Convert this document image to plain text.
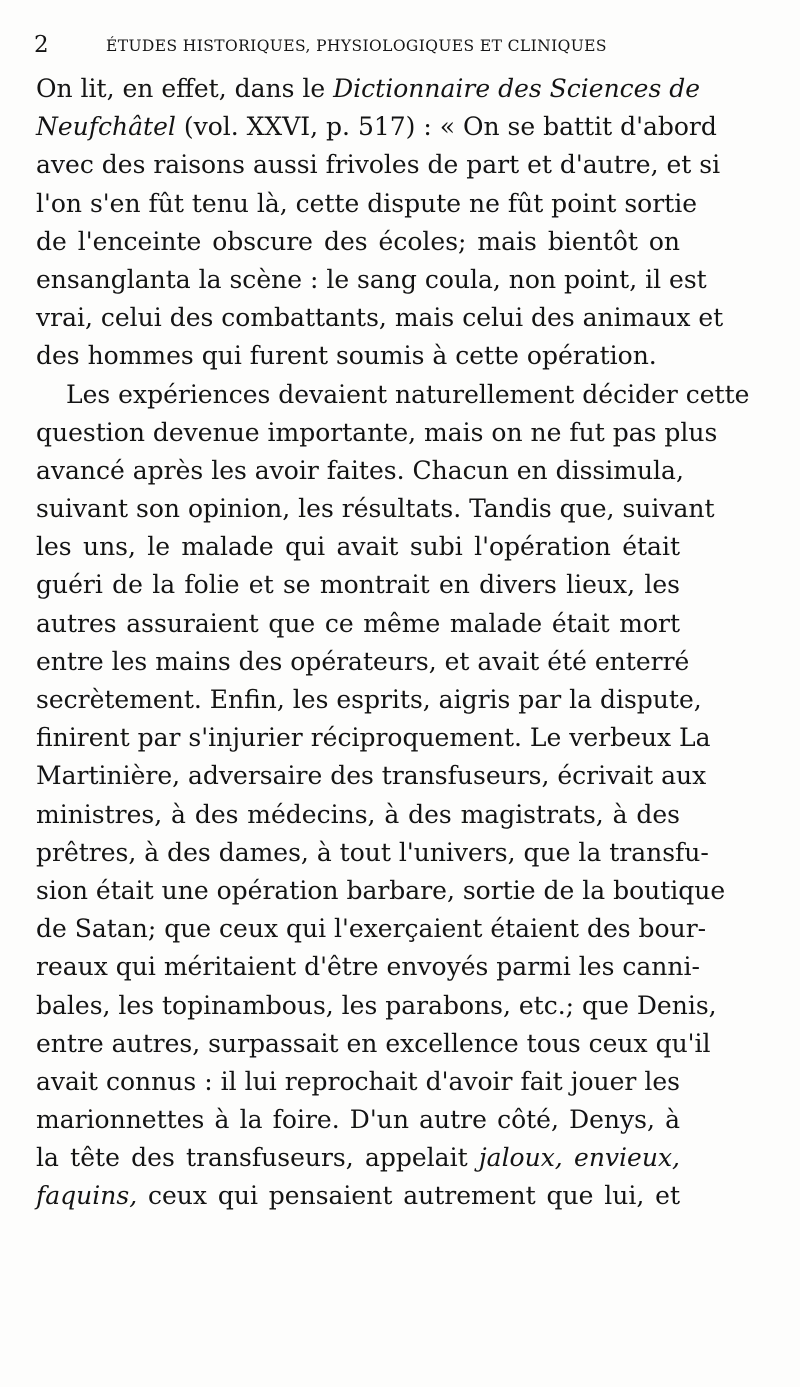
2	ÉTUDES HISTORIQUES, PHYSIOLOGIQUES ET CLINIQUES
On lit, en effet, dans le Dictionnaire des Sciences de
Neufchâtel (vol. XXVI, p. 517) : « On se battit d'abord
avec des raisons aussi frivoles de part et d'autre, et si
l'on s'en fût tenu là, cette dispute ne fût point sortie
de l'enceinte obscure des écoles; mais bientôt on
ensanglanta la scène : le sang coula, non point, il est
vrai, celui des combattants, mais celui des animaux et
des hommes qui furent soumis à cette opération.
Les expériences devaient naturellement décider cette
question devenue importante, mais on ne fut pas plus
avancé après les avoir faites. Chacun en dissimula,
suivant son opinion, les résultats. Tandis que, suivant
les uns, le malade qui avait subi l'opération était
guéri de la folie et se montrait en divers lieux, les
autres assuraient que ce même malade était mort
entre les mains des opérateurs, et avait été enterré
secrètement. Enfin, les esprits, aigris par la dispute,
finirent par s'injurier réciproquement. Le verbeux La
Martinière, adversaire des transfuseurs, écrivait aux
ministres, à des médecins, à des magistrats, à des
prêtres, à des dames, à tout l'univers, que la transfu-
sion était une opération barbare, sortie de la boutique
de Satan; que ceux qui l'exerçaient étaient des bour-
reaux qui méritaient d'être envoyés parmi les canni-
bales, les topinambous, les parabons, etc.; que Denis,
entre autres, surpassait en excellence tous ceux qu'il
avait connus : il lui reprochait d'avoir fait jouer les
marionnettes à la foire. D'un autre côté, Denys, à
la tête des transfuseurs, appelait jaloux, envieux,
faquins, ceux qui pensaient autrement que lui, et
